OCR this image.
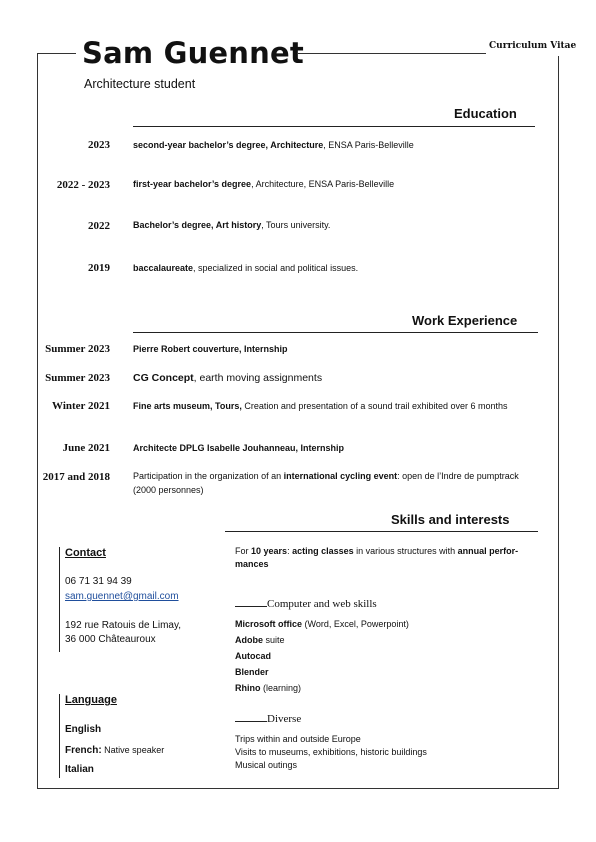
Sam Guennet
Architecture student
Curriculum Vitae
Education
2023	second-year bachelor’s degree, Architecture, ENSA Paris-Belleville
2022 - 2023	first-year bachelor’s degree, Architecture, ENSA Paris-Belleville
2022	Bachelor’s degree, Art history, Tours university.
2019	baccalaureate, specialized in social and political issues.
Work Experience
Summer 2023	Pierre Robert couverture, Internship
Summer 2023 CG Concept, earth moving assignments
Winter 2021	Fine arts museum, Tours, Creation and presentation of a sound trail exhibited over 6 months
June 2021	Architecte DPLG Isabelle Jouhanneau, Internship
2017 and 2018	Participation in the organization of an international cycling event: open de l’Indre de pumptrack (2000 personnes)
Skills and interests
For 10 years: acting classes in various structures with annual perfor-
mances
Computer and web skills
Microsoft office (Word, Excel, Powerpoint)
Adobe suite
Autocad
Blender
Rhino (learning)
Diverse
Trips within and outside Europe
Visits to museums, exhibitions, historic buildings
Musical outings
Contact
06 71 31 94 39
sam.guennet@gmail.com
192 rue Ratouis de Limay,
36 000 Châteauroux
Language
English
French: Native speaker
Italian
